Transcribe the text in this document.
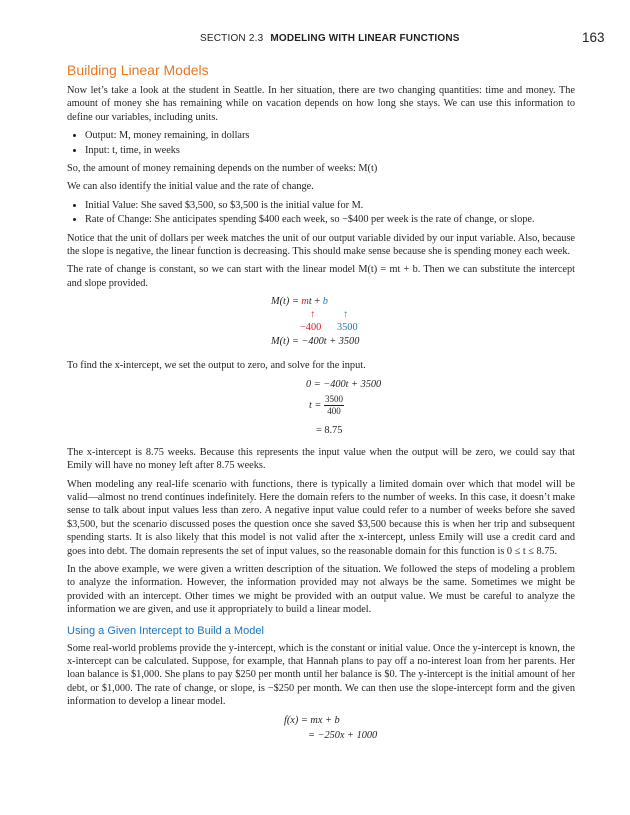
SECTION 2.3 MODELING WITH LINEAR FUNCTIONS	163
Building Linear Models

Now let’s take a look at the student in Seattle. In her situation, there are two changing quantities: time and money. The amount of money she has remaining while on vacation depends on how long she stays. We can use this information to define our variables, including units.

• Output: M, money remaining, in dollars
• Input: t, time, in weeks

So, the amount of money remaining depends on the number of weeks: M(t)

We can also identify the initial value and the rate of change.

• Initial Value: She saved $3,500, so $3,500 is the initial value for M.
• Rate of Change: She anticipates spending $400 each week, so −$400 per week is the rate of change, or slope.

Notice that the unit of dollars per week matches the unit of our output variable divided by our input variable. Also, because the slope is negative, the linear function is decreasing. This should make sense because she is spending money each week.

The rate of change is constant, so we can start with the linear model M(t) = mt + b. Then we can substitute the intercept and slope provided.

M(t) = mt + b
↑	↑
−400 3500
M(t) = −400t + 3500

To find the x-intercept, we set the output to zero, and solve for the input.

0 = −400t + 3500
$t = \frac{3500}{400}$
= 8.75

The x-intercept is 8.75 weeks. Because this represents the input value when the output will be zero, we could say that Emily will have no money left after 8.75 weeks.

When modeling any real-life scenario with functions, there is typically a limited domain over which that model will be valid—almost no trend continues indefinitely. Here the domain refers to the number of weeks. In this case, it doesn’t make sense to talk about input values less than zero. A negative input value could refer to a number of weeks before she saved $3,500, but the scenario discussed poses the question once she saved $3,500 because this is when her trip and subsequent spending starts. It is also likely that this model is not valid after the x-intercept, unless Emily will use a credit card and goes into debt. The domain represents the set of input values, so the reasonable domain for this function is 0 ≤ t ≤ 8.75.

In the above example, we were given a written description of the situation. We followed the steps of modeling a problem to analyze the information. However, the information provided may not always be the same. Sometimes we might be provided with an intercept. Other times we might be provided with an output value. We must be careful to analyze the information we are given, and use it appropriately to build a linear model.

Using a Given Intercept to Build a Model

Some real-world problems provide the y-intercept, which is the constant or initial value. Once the y-intercept is known, the x-intercept can be calculated. Suppose, for example, that Hannah plans to pay off a no-interest loan from her parents. Her loan balance is $1,000. She plans to pay $250 per month until her balance is $0. The y-intercept is the initial amount of her debt, or $1,000. The rate of change, or slope, is −$250 per month. We can then use the slope-intercept form and the given information to develop a linear model.

f(x) = mx + b
= −250x + 1000
